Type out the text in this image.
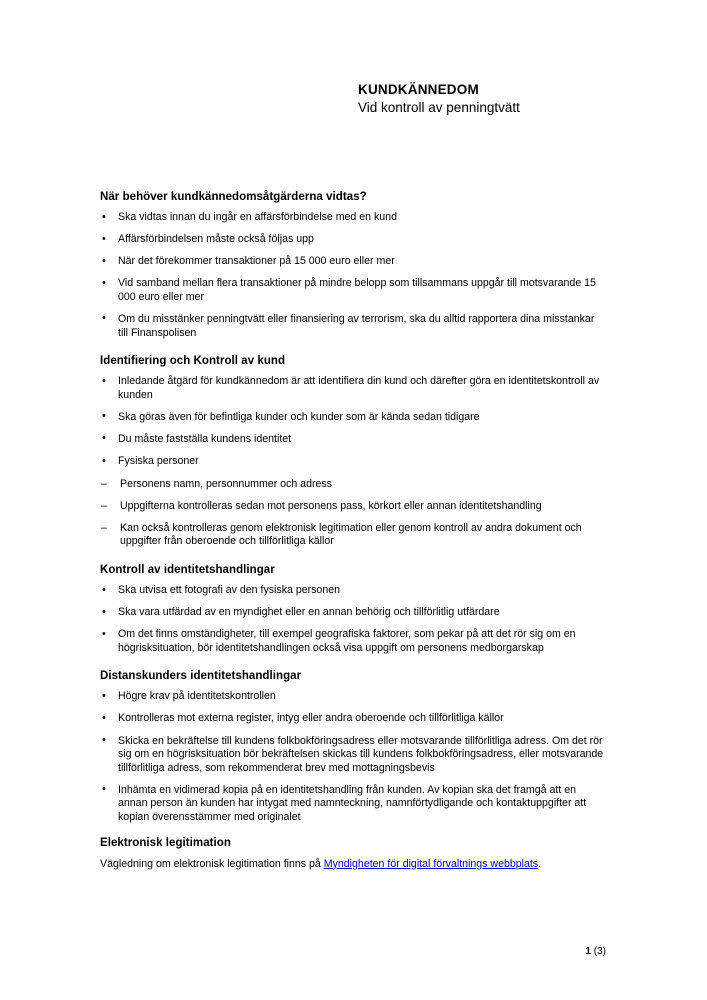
KUNDKÄNNEDOM
Vid kontroll av penningtvätt
När behöver kundkännedomsåtgärderna vidtas?
• Ska vidtas innan du ingår en affärsförbindelse med en kund
• Affärsförbindelsen måste också följas upp
• När det förekommer transaktioner på 15 000 euro eller mer
• Vid samband mellan flera transaktioner på mindre belopp som tillsammans uppgår till motsvarande 15 000 euro eller mer
• Om du misstänker penningtvätt eller finansiering av terrorism, ska du alltid rapportera dina misstankar till Finanspolisen
Identifiering och Kontroll av kund
• Inledande åtgärd för kundkännedom är att identifiera din kund och därefter göra en identitetskontroll av kunden
• Ska göras även för befintliga kunder och kunder som är kända sedan tidigare
• Du måste fastställa kundens identitet
• Fysiska personer
– Personens namn, personnummer och adress
– Uppgifterna kontrolleras sedan mot personens pass, körkort eller annan identitetshandling
– Kan också kontrolleras genom elektronisk legitimation eller genom kontroll av andra dokument och uppgifter från oberoende och tillförlitliga källor
Kontroll av identitetshandlingar
• Ska utvisa ett fotografi av den fysiska personen
• Ska vara utfärdad av en myndighet eller en annan behörig och tillförlitlig utfärdare
• Om det finns omständigheter, till exempel geografiska faktorer, som pekar på att det rör sig om en högrisksituation, bör identitetshandlingen också visa uppgift om personens medborgarskap
Distanskunders identitetshandlingar
• Högre krav på identitetskontrollen
• Kontrolleras mot externa register, intyg eller andra oberoende och tillförlitliga källor
• Skicka en bekräftelse till kundens folkbokföringsadress eller motsvarande tillförlitliga adress. Om det rör sig om en högrisksituation bör bekräftelsen skickas till kundens folkbokföringsadress, eller motsvarande tillförlitliga adress, som rekommenderat brev med mottagningsbevis
• Inhämta en vidimerad kopia på en identitetshandling från kunden. Av kopian ska det framgå att en annan person än kunden har intygat med namnteckning, namnförtydligande och kontaktuppgifter att kopian överensstämmer med originalet
Elektronisk legitimation

Vägledning om elektronisk legitimation finns på Myndigheten för digital förvaltnings webbplats.

1 (3)
